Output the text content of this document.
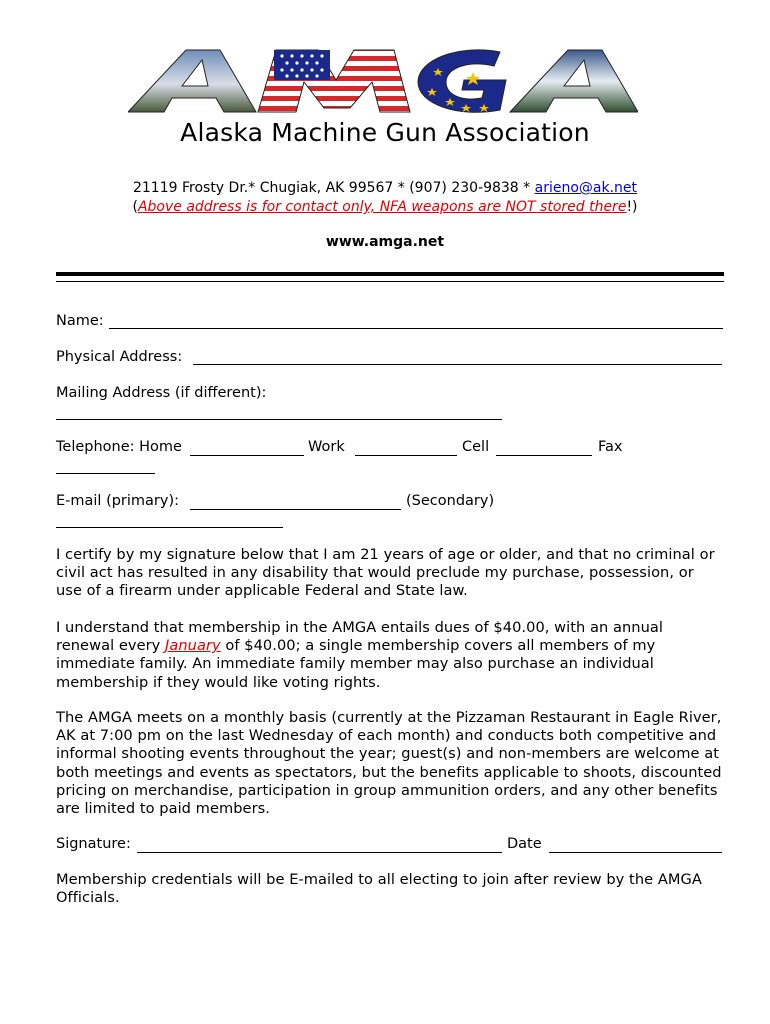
Alaska Machine Gun Association
21119 Frosty Dr.* Chugiak, AK 99567 * (907) 230-9838 * arieno@ak.net
(Above address is for contact only, NFA weapons are NOT stored there!)
www.amga.net
Name:
Physical Address:
Mailing Address (if different):
Telephone: Home	Work	Cell	Fax
E-mail (primary):	(Secondary)
I certify by my signature below that I am 21 years of age or older, and that no criminal or civil act has resulted in any disability that would preclude my purchase, possession, or use of a firearm under applicable Federal and State law.
I understand that membership in the AMGA entails dues of $40.00, with an annual renewal every January of $40.00; a single membership covers all members of my immediate family. An immediate family member may also purchase an individual membership if they would like voting rights.
The AMGA meets on a monthly basis (currently at the Pizzaman Restaurant in Eagle River, AK at 7:00 pm on the last Wednesday of each month) and conducts both competitive and informal shooting events throughout the year; guest(s) and non-members are welcome at both meetings and events as spectators, but the benefits applicable to shoots, discounted pricing on merchandise, participation in group ammunition orders, and any other benefits are limited to paid members.
Signature:	Date
Membership credentials will be E-mailed to all electing to join after review by the AMGA Officials.
